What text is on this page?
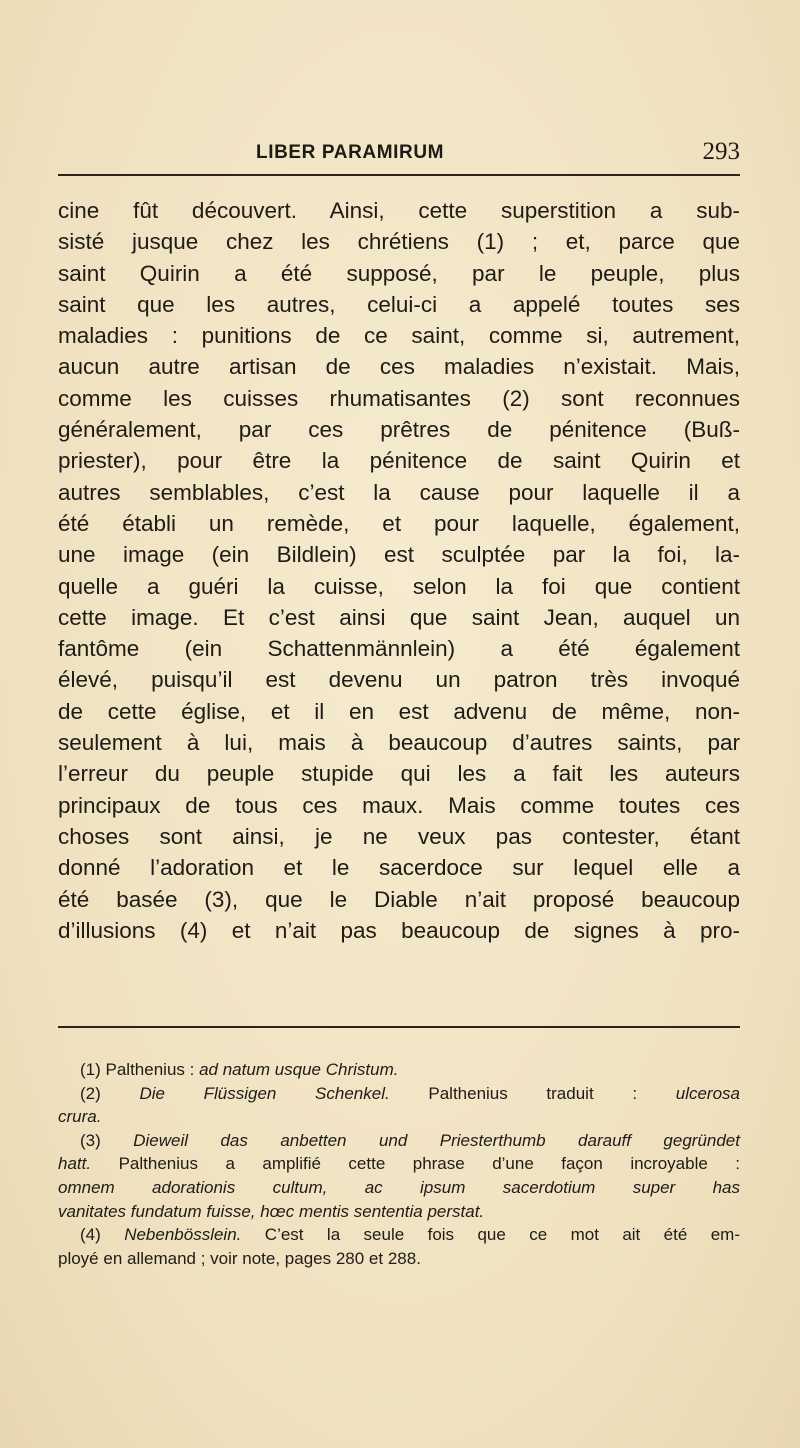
LIBER PARAMIRUM	293
cine fût découvert. Ainsi, cette superstition a sub-
sisté jusque chez les chrétiens (1) ; et, parce que
saint Quirin a été supposé, par le peuple, plus
saint que les autres, celui-ci a appelé toutes ses
maladies : punitions de ce saint, comme si, autrement,
aucun autre artisan de ces maladies n’existait. Mais,
comme les cuisses rhumatisantes (2) sont reconnues
généralement, par ces prêtres de pénitence (Buß-
priester), pour être la pénitence de saint Quirin et
autres semblables, c’est la cause pour laquelle il a
été établi un remède, et pour laquelle, également,
une image (ein Bildlein) est sculptée par la foi, la-
quelle a guéri la cuisse, selon la foi que contient
cette image. Et c’est ainsi que saint Jean, auquel un
fantôme (ein Schattenmännlein) a été également
élevé, puisqu’il est devenu un patron très invoqué
de cette église, et il en est advenu de même, non-
seulement à lui, mais à beaucoup d’autres saints, par
l’erreur du peuple stupide qui les a fait les auteurs
principaux de tous ces maux. Mais comme toutes ces
choses sont ainsi, je ne veux pas contester, étant
donné l’adoration et le sacerdoce sur lequel elle a
été basée (3), que le Diable n’ait proposé beaucoup
d’illusions (4) et n’ait pas beaucoup de signes à pro-
(1) Palthenius : ad natum usque Christum.
(2) Die Flüssigen Schenkel. Palthenius traduit : ulcerosa
crura.
(3) Dieweil das anbetten und Priesterthumb darauff gegründet
hatt. Palthenius a amplifié cette phrase d’une façon incroyable :
omnem adorationis cultum, ac ipsum sacerdotium super has
vanitates fundatum fuisse, hœc mentis sententia perstat.
(4) Nebenbösslein. C’est la seule fois que ce mot ait été em-
ployé en allemand ; voir note, pages 280 et 288.
